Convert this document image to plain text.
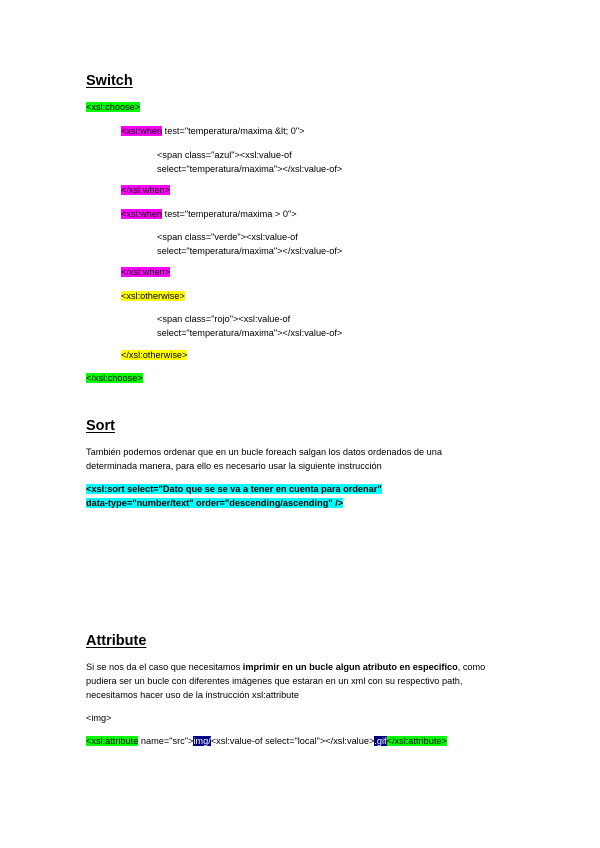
Switch
<xsl:choose>
<xsl:when test="temperatura/maxima &lt; 0">
<span class="azul"><xsl:value-of
select="temperatura/maxima"></xsl:value-of>
</xsl:when>
<xsl:when test="temperatura/maxima > 0">
<span class="verde"><xsl:value-of
select="temperatura/maxima"></xsl:value-of>
</xsl:when>
<xsl:otherwise>
<span class="rojo"><xsl:value-of
select="temperatura/maxima"></xsl:value-of>
</xsl:otherwise>
</xsl:choose>
Sort
También podemos ordenar que en un bucle foreach salgan los datos ordenados de una
determinada manera, para ello es necesario usar la siguiente instrucción
<xsl:sort select="Dato que se se va a tener en cuenta para ordenar"
data-type="number/text" order="descending/ascending" />
Attribute
Si se nos da el caso que necesitamos imprimir en un bucle algun atributo en especifico, como
pudiera ser un bucle con diferentes imágenes que estaran en un xml con su respectivo path,
necesitamos hacer uso de la instrucción xsl:attribute
<img>
<xsl:attribute name="src">img/<xsl:value-of select="local"></xsl:value>.gif</xsl:attribute>
